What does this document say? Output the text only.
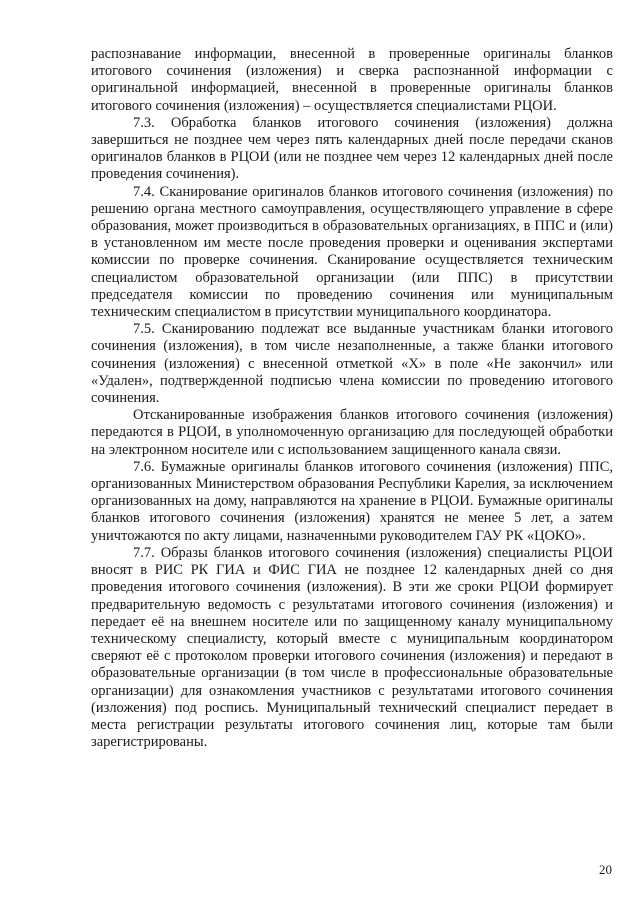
распознавание информации, внесенной в проверенные оригиналы бланков итогового сочинения (изложения) и сверка распознанной информации с оригинальной информацией, внесенной в проверенные оригиналы бланков итогового сочинения (изложения) – осуществляется специалистами РЦОИ.

7.3. Обработка бланков итогового сочинения (изложения) должна завершиться не позднее чем через пять календарных дней после передачи сканов оригиналов бланков в РЦОИ (или не позднее чем через 12 календарных дней после проведения сочинения).

7.4. Сканирование оригиналов бланков итогового сочинения (изложения) по решению органа местного самоуправления, осуществляющего управление в сфере образования, может производиться в образовательных организациях, в ППС и (или) в установленном им месте после проведения проверки и оценивания экспертами комиссии по проверке сочинения. Сканирование осуществляется техническим специалистом образовательной организации (или ППС) в присутствии председателя комиссии по проведению сочинения или муниципальным техническим специалистом в присутствии муниципального координатора.

7.5. Сканированию подлежат все выданные участникам бланки итогового сочинения (изложения), в том числе незаполненные, а также бланки итогового сочинения (изложения) с внесенной отметкой «Х» в поле «Не закончил» или «Удален», подтвержденной подписью члена комиссии по проведению итогового сочинения.

Отсканированные изображения бланков итогового сочинения (изложения) передаются в РЦОИ, в уполномоченную организацию для последующей обработки на электронном носителе или с использованием защищенного канала связи.

7.6. Бумажные оригиналы бланков итогового сочинения (изложения) ППС, организованных Министерством образования Республики Карелия, за исключением организованных на дому, направляются на хранение в РЦОИ. Бумажные оригиналы бланков итогового сочинения (изложения) хранятся не менее 5 лет, а затем уничтожаются по акту лицами, назначенными руководителем ГАУ РК «ЦОКО».

7.7. Образы бланков итогового сочинения (изложения) специалисты РЦОИ вносят в РИС РК ГИА и ФИС ГИА не позднее 12 календарных дней со дня проведения итогового сочинения (изложения). В эти же сроки РЦОИ формирует предварительную ведомость с результатами итогового сочинения (изложения) и передает её на внешнем носителе или по защищенному каналу муниципальному техническому специалисту, который вместе с муниципальным координатором сверяют её с протоколом проверки итогового сочинения (изложения) и передают в образовательные организации (в том числе в профессиональные образовательные организации) для ознакомления участников с результатами итогового сочинения (изложения) под роспись. Муниципальный технический специалист передает в места регистрации результаты итогового сочинения лиц, которые там были зарегистрированы.

20
